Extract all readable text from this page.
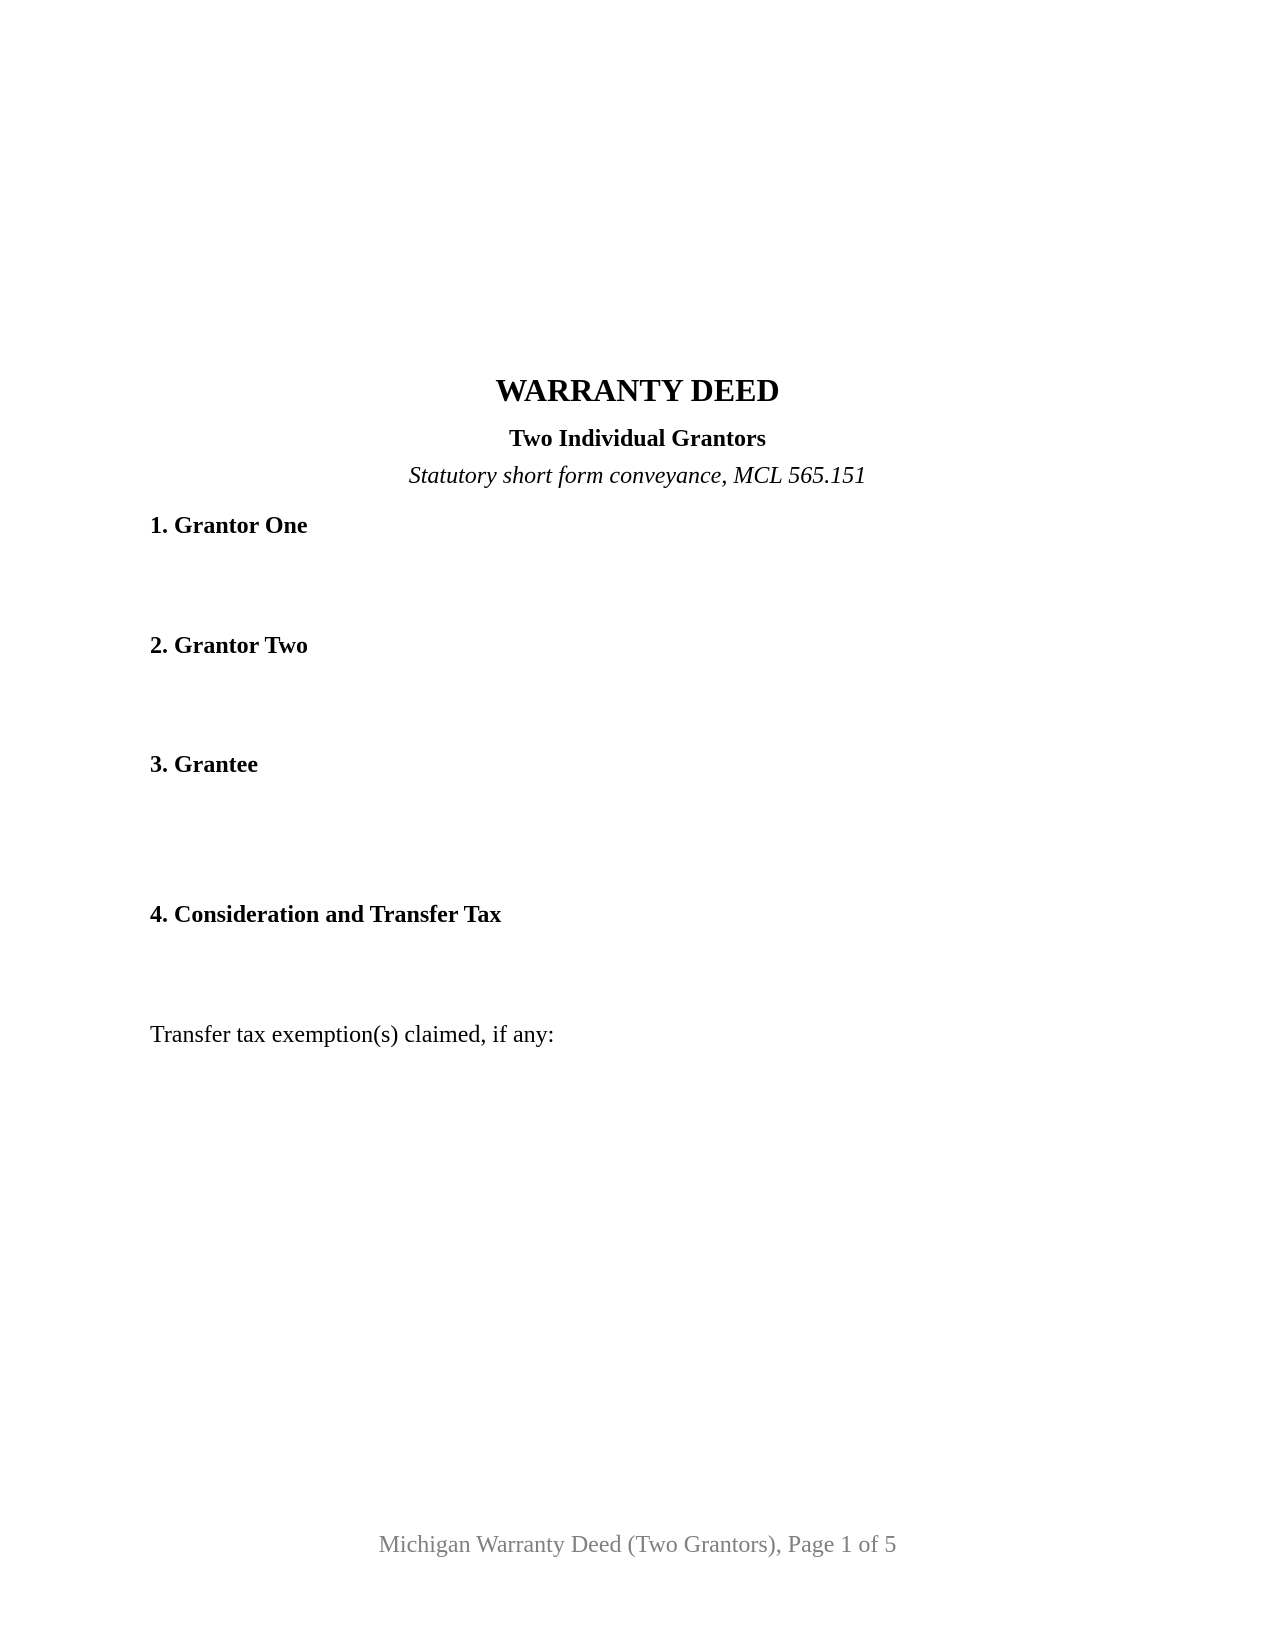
WARRANTY DEED
Two Individual Grantors
Statutory short form conveyance, MCL 565.151
1. Grantor One
2. Grantor Two
3. Grantee
4. Consideration and Transfer Tax
Transfer tax exemption(s) claimed, if any:
Michigan Warranty Deed (Two Grantors), Page 1 of 5
